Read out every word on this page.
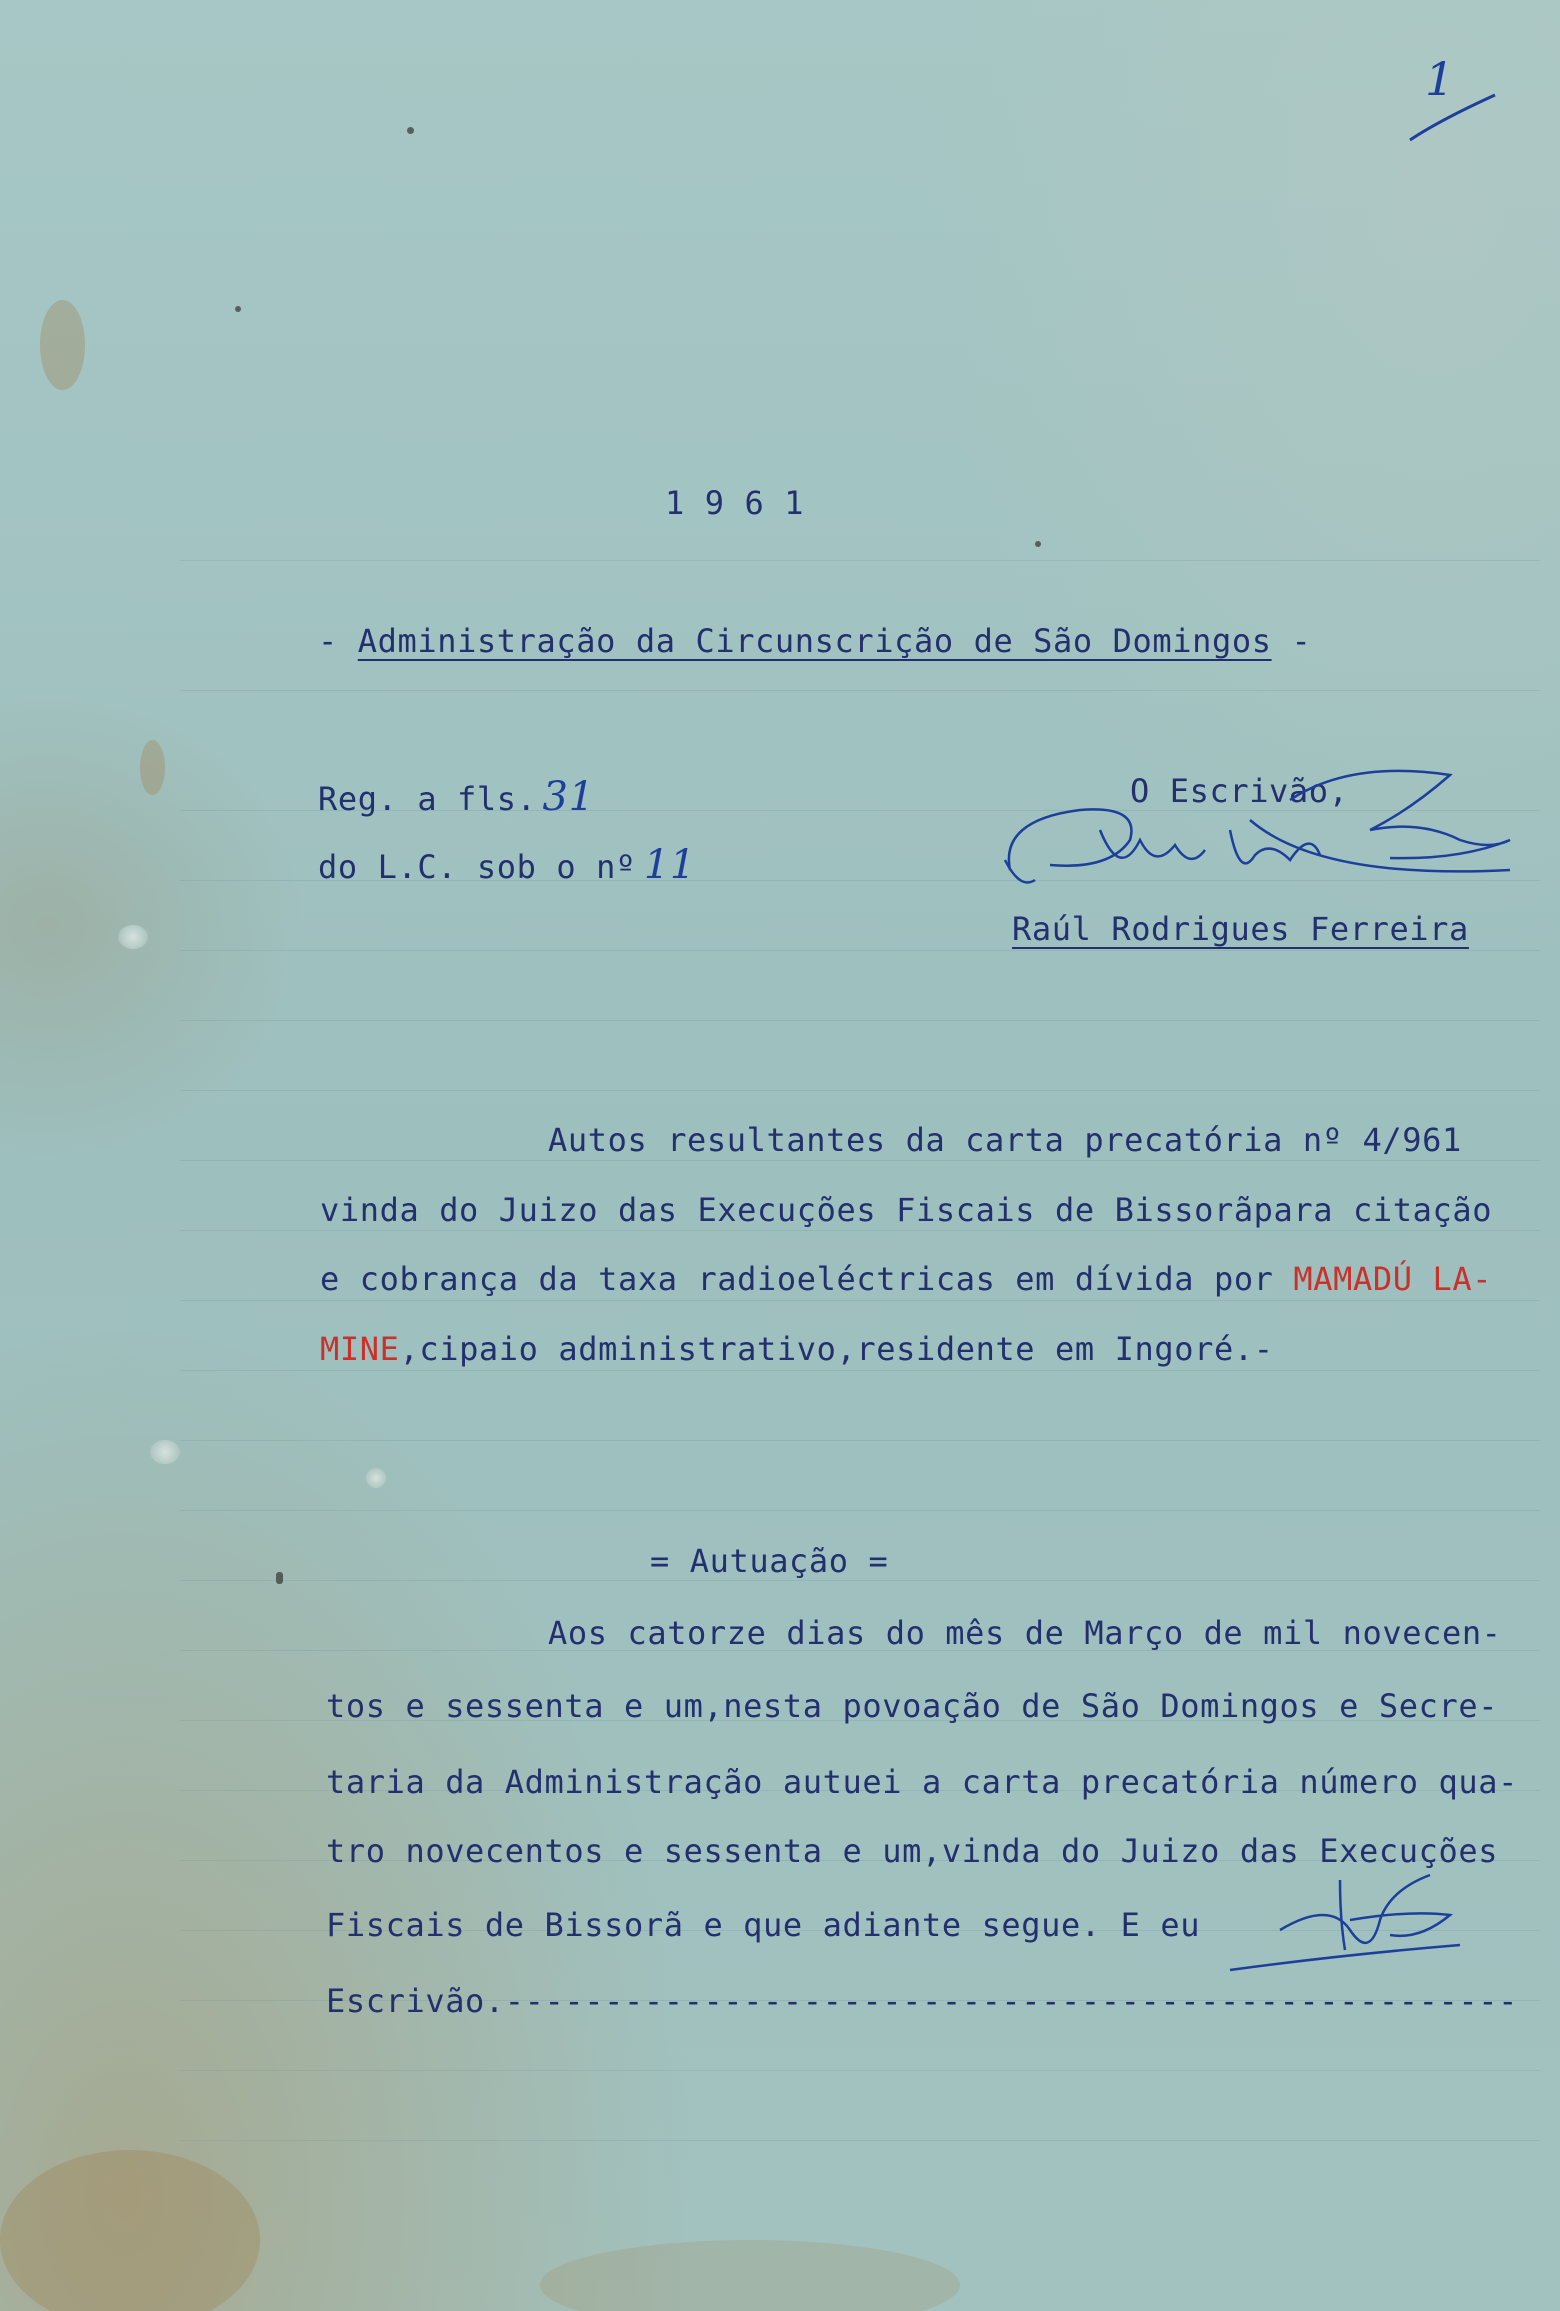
1
1 9 6 1
- Administração da Circunscrição de São Domingos -
Reg. a fls. 31
do L.C. sob o nº 11
O Escrivão,
Raúl Rodrigues Ferreira
Autos resultantes da carta precatória nº 4/961
vinda do Juizo das Execuções Fiscais de Bissorãpara citação
e cobrança da taxa radioeléctricas em dívida por MAMADÚ LA-
MINE,cipaio administrativo,residente em Ingoré.-
= Autuação =
Aos catorze dias do mês de Março de mil novecen-
tos e sessenta e um,nesta povoação de São Domingos e Secre-
taria da Administração autuei a carta precatória número qua-
tro novecentos e sessenta e um,vinda do Juizo das Execuções
Fiscais de Bissorã e que adiante segue. E eu
Escrivão.---------------------------------------------------
